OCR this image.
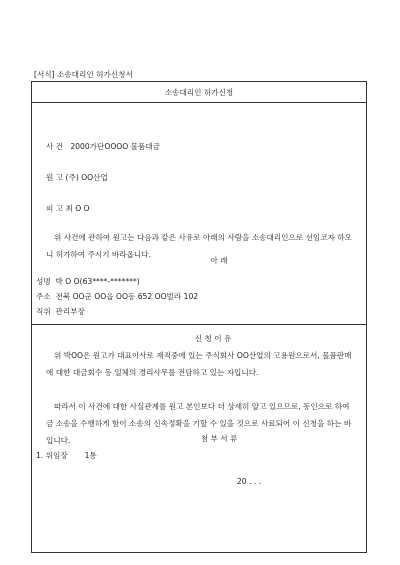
[서식] 소송대리인 허가신청서
소송대리인 허가신청
사 건 2000가단OOOO 물품대금
원 고 (주) OO산업
피 고 최 O O
위 사건에 관하여 원고는 다음과 같은 사유로 아래의 사람을 소송대리인으로 선임코자 하오니 허가하여 주시기 바라옵니다.
아 래
성명 박 O O(63****-*******)
주소 전북 OO군 OO읍 OO동 652 OO빌라 102
직위 관리부장
신 청 이 유
위 박OO은 원고가 대표이사로 재직중에 있는 주식회사 OO산업의 고용원으로서, 물품판매에 대한 대금회수 등 일체의 경리사무를 전담하고 있는 자입니다.
따라서 이 사건에 대한 사실관계를 원고 본인보다 더 상세히 알고 있으므로, 동인으로 하여금 소송을 수행하게 함이 소송의 신속정확을 기할 수 있을 것으로 사료되어 이 신청을 하는 바입니다.	첨 부 서 류
1. 위임장 1통
20 . . .
